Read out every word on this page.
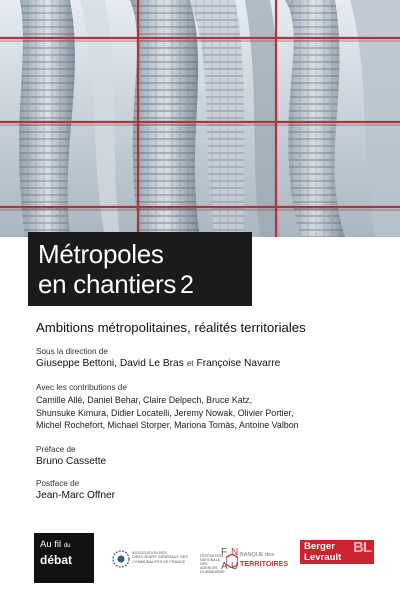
Métropoles
en chantiers 2
Ambitions métropolitaines, réalités territoriales
Sous la direction de
Giuseppe Bettoni, David Le Bras et Françoise Navarre
Avec les contributions de
Camille Allé, Daniel Behar, Claire Delpech, Bruce Katz,
Shunsuke Kimura, Didier Locatelli, Jeremy Nowak, Olivier Portier,
Michel Rochefort, Michael Storper, Mariona Tomàs, Antoine Valbon
Préface de
Bruno Cassette
Postface de
Jean-Marc Offner
Au fil du
débat	ASSOCIATION DES DIRECTEURS GÉNÉRAUX DES COMMUNAUTÉS DE FRANCE
F N
A U
FÉDÉRATION NATIONALE DES AGENCES D'URBANISME
BANQUE des
TERRITOIRES
Berger
Levrault
BL
